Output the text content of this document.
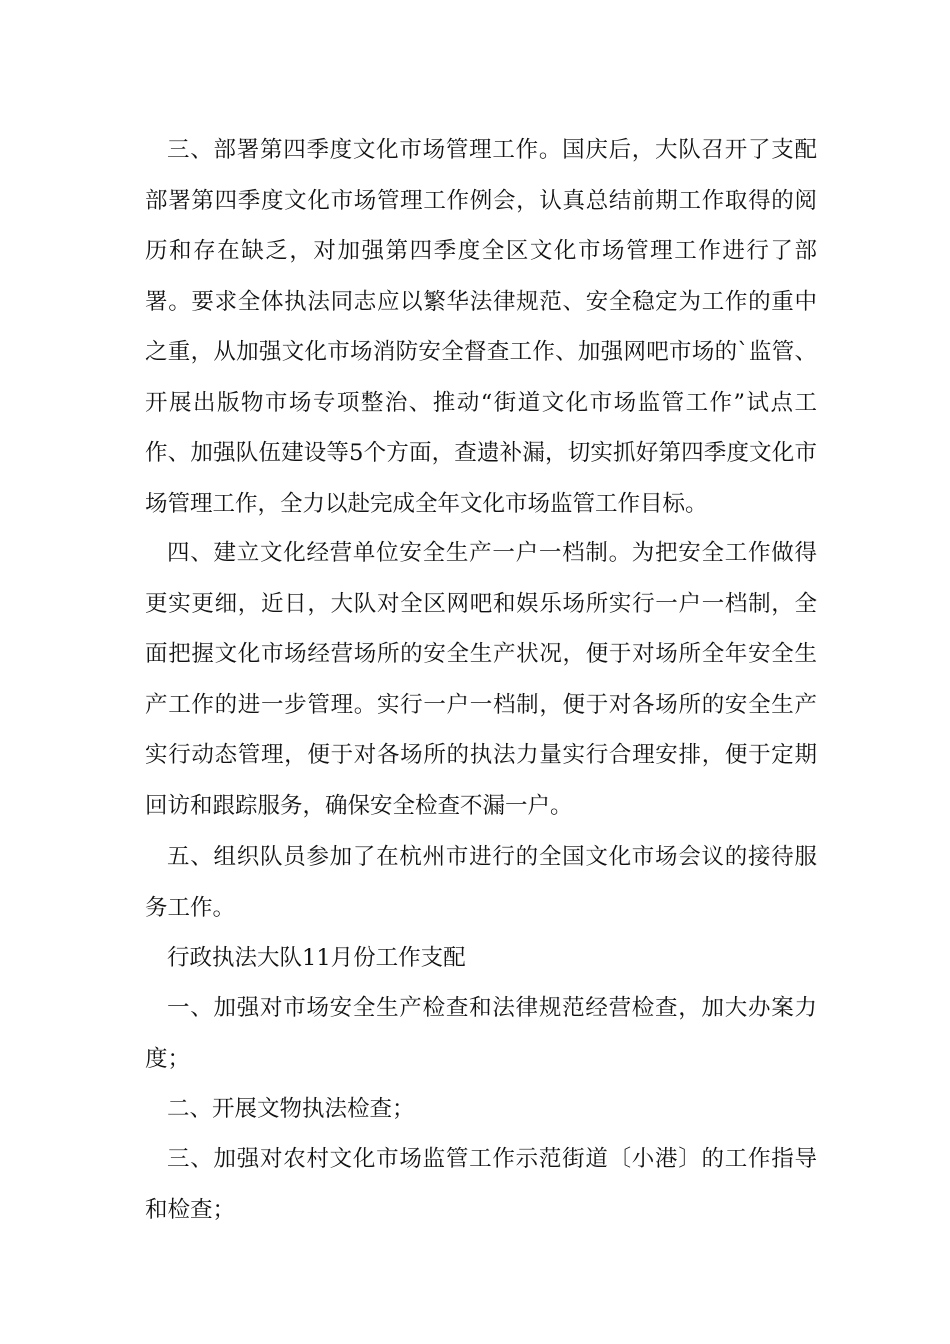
三、部署第四季度文化市场管理工作。国庆后，大队召开了支配部署第四季度文化市场管理工作例会，认真总结前期工作取得的阅历和存在缺乏，对加强第四季度全区文化市场管理工作进行了部署。要求全体执法同志应以繁华法律规范、安全稳定为工作的重中之重，从加强文化市场消防安全督查工作、加强网吧市场的`监管、开展出版物市场专项整治、推动“街道文化市场监管工作”试点工作、加强队伍建设等5个方面，查遗补漏，切实抓好第四季度文化市场管理工作，全力以赴完成全年文化市场监管工作目标。

四、建立文化经营单位安全生产一户一档制。为把安全工作做得更实更细，近日，大队对全区网吧和娱乐场所实行一户一档制，全面把握文化市场经营场所的安全生产状况，便于对场所全年安全生产工作的进一步管理。实行一户一档制，便于对各场所的安全生产实行动态管理，便于对各场所的执法力量实行合理安排，便于定期回访和跟踪服务，确保安全检查不漏一户。

五、组织队员参加了在杭州市进行的全国文化市场会议的接待服务工作。

行政执法大队11月份工作支配

一、加强对市场安全生产检查和法律规范经营检查，加大办案力度；

二、开展文物执法检查；

三、加强对农村文化市场监管工作示范街道〔小港〕的工作指导和检查；
